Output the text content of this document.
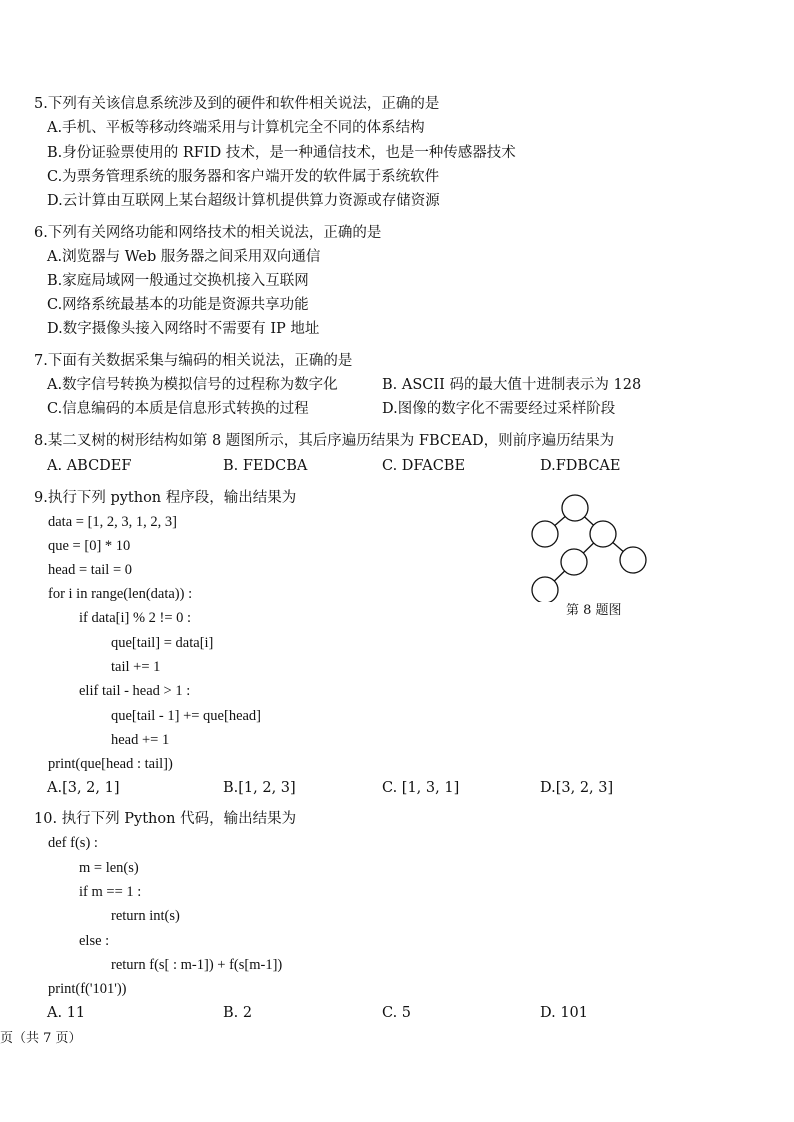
5.下列有关该信息系统涉及到的硬件和软件相关说法，正确的是
A.手机、平板等移动终端采用与计算机完全不同的体系结构
B.身份证验票使用的 RFID 技术，是一种通信技术，也是一种传感器技术
C.为票务管理系统的服务器和客户端开发的软件属于系统软件
D.云计算由互联网上某台超级计算机提供算力资源或存储资源
6.下列有关网络功能和网络技术的相关说法，正确的是
A.浏览器与 Web 服务器之间采用双向通信
B.家庭局域网一般通过交换机接入互联网
C.网络系统最基本的功能是资源共享功能
D.数字摄像头接入网络时不需要有 IP 地址
7.下面有关数据采集与编码的相关说法，正确的是
A.数字信号转换为模拟信号的过程称为数字化	B. ASCII 码的最大值十进制表示为 128
C.信息编码的本质是信息形式转换的过程	D.图像的数字化不需要经过采样阶段
8.某二叉树的树形结构如第 8 题图所示，其后序遍历结果为 FBCEAD，则前序遍历结果为
A. ABCDEF	B. FEDCBA	C. DFACBE	D.FDBCAE
第 8 题图
9.执行下列 python 程序段，输出结果为
data = [1, 2, 3, 1, 2, 3]
que = [0] * 10
head = tail = 0
for i in range(len(data)) :
if data[i] % 2 != 0 :
que[tail] = data[i]
tail += 1
elif tail - head > 1 :
que[tail - 1] += que[head]
head += 1
print(que[head : tail])
A.[3, 2, 1]	B.[1, 2, 3]	C. [1, 3, 1]	D.[3, 2, 3]
10. 执行下列 Python 代码，输出结果为
def f(s) :
m = len(s)
if m == 1 :
return int(s)
else :
return f(s[ : m-1]) + f(s[m-1])
print(f('101'))
A. 11	B. 2	C. 5	D. 101
页（共 7 页）
